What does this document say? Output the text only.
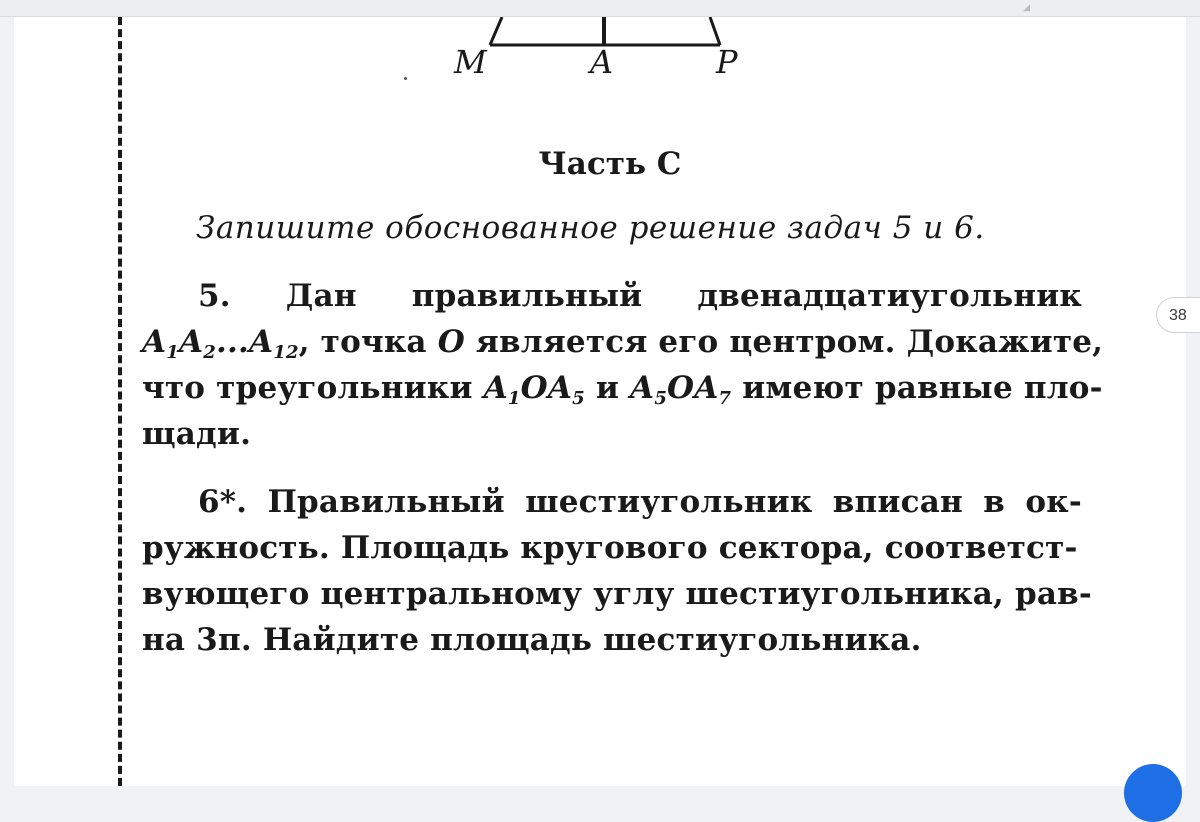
◢
M	A	P
Часть С
Запишите обоснованное решение задач 5 и 6.
5. Дан правильный двенадцатиугольник
$A_1A_2...A_{12}$, точка O является его центром. Докажите,
что треугольники $A_1OA_5$ и $A_5OA_7$ имеют равные пло-
щади.
6*. Правильный шестиугольник вписан в ок-
ружность. Площадь кругового сектора, соответст-
вующего центральному углу шестиугольника, рав-
на 3π. Найдите площадь шестиугольника.
38
